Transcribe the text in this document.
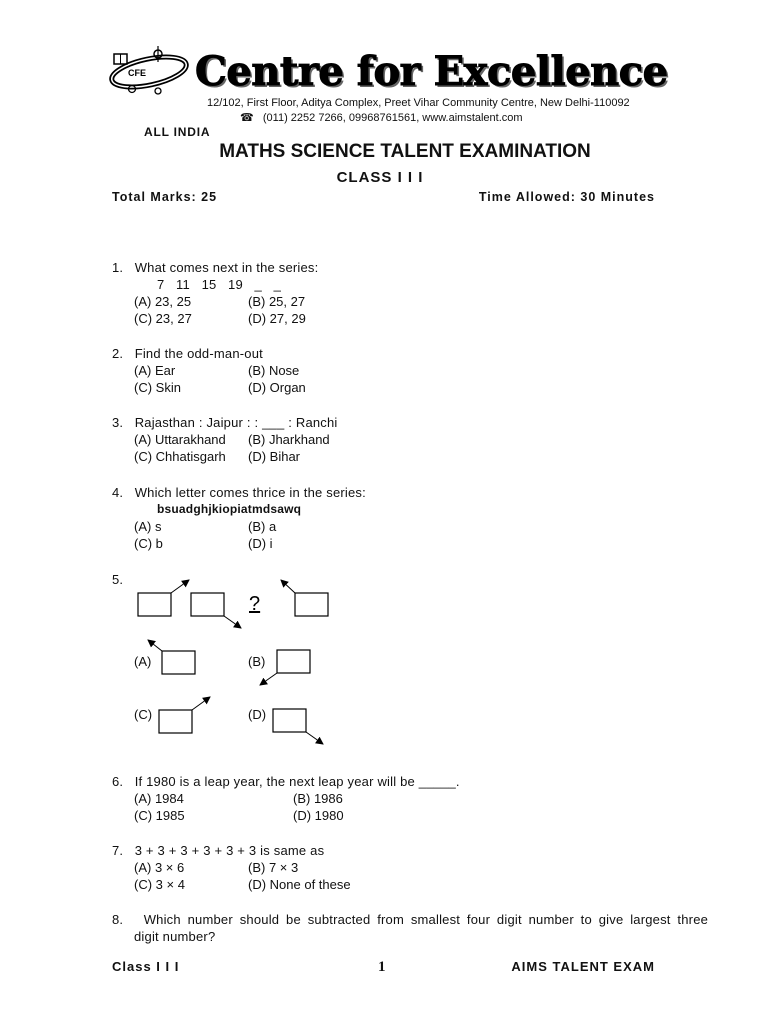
CFE Centre for Excellence
12/102, First Floor, Aditya Complex, Preet Vihar Community Centre, New Delhi-110092
☎ (011) 2252 7266, 09968761561, www.aimstalent.com
ALL INDIA
MATHS SCIENCE TALENT EXAMINATION
CLASS I I I
Total Marks: 25	Time Allowed: 30 Minutes
1. What comes next in the series:
7  11  15  19  _  _
(A) 23, 25	(B) 25, 27
(C) 23, 27	(D) 27, 29
2. Find the odd-man-out
(A) Ear	(B) Nose
(C) Skin	(D) Organ
3. Rajasthan : Jaipur : : ___ : Ranchi
(A) Uttarakhand (B) Jharkhand
(C) Chhatisgarh (D) Bihar
4. Which letter comes thrice in the series:
bsuadghjkiopiatmdsawq
(A) s	(B) a
(C) b	(D) i
5.
?
(A)	(B)
(C)	(D)
6. If 1980 is a leap year, the next leap year will be _____.
(A) 1984	(B) 1986
(C) 1985	(D) 1980
7. 3 + 3 + 3 + 3 + 3 + 3 is same as
(A) 3 × 6	(B) 7 × 3
(C) 3 × 4	(D) None of these
8. Which number should be subtracted from smallest four digit number to give largest three
digit number?
Class I I I	1	AIMS TALENT EXAM
